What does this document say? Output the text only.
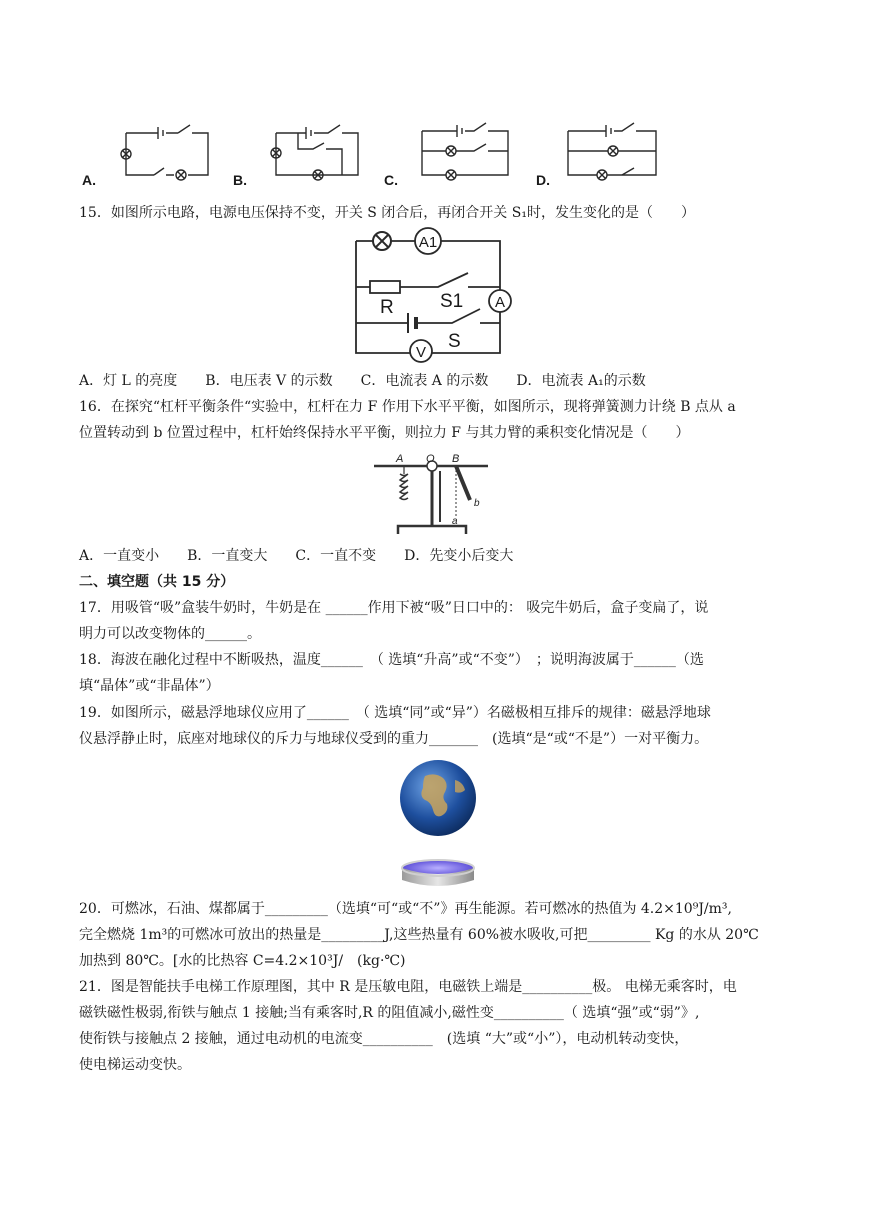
A.	B.	C.	D.
15．如图所示电路，电源电压保持不变，开关 S 闭合后，再闭合开关 S₁时，发生变化的是（　　）
A1
R S1 A
V
S
A．灯 L 的亮度　　B．电压表 V 的示数　　C．电流表 A 的示数　　D．电流表 A₁的示数
16．在探究“杠杆平衡条件“实验中，杠杆在力 F 作用下水平平衡，如图所示，现将弹簧测力计绕 B 点从 a
位置转动到 b 位置过程中，杠杆始终保持水平平衡，则拉力 F 与其力臂的乘积变化情况是（　　）
A O B
a
b
A．一直变小　　B．一直变大　　C．一直不变　　D．先变小后变大
二、填空题（共 15 分）
17．用吸管“吸”盒装牛奶时，牛奶是在 ______作用下被“吸”日口中的： 吸完牛奶后，盒子变扁了，说
明力可以改变物体的______。
18．海波在融化过程中不断吸热，温度______　（ 选填“升高”或“不变”）　；说明海波属于______（选
填“晶体”或“非晶体”）
19．如图所示，磁悬浮地球仪应用了______　（ 选填“同”或“异”）名磁极相互排斥的规律：磁悬浮地球
仪悬浮静止时，底座对地球仪的斥力与地球仪受到的重力_______　(选填“是“或“不是”）一对平衡力。
20．可燃冰，石油、煤都属于_________（选填“可“或“不”》再生能源。若可燃冰的热值为 4.2×10⁹J/m³,
完全燃烧 1m³的可燃冰可放出的热量是_________J,这些热量有 60%被水吸收,可把_________ Kg 的水从 20℃
加热到 80℃。[水的比热容 C=4.2×10³J/　(kg·℃)
21．图是智能扶手电梯工作原理图，其中 R 是压敏电阻，电磁铁上端是__________极。 电梯无乘客时，电
磁铁磁性极弱,衔铁与触点 1 接触;当有乘客时,R 的阻值减小,磁性变__________（ 选填“强”或“弱”》,
使衔铁与接触点 2 接触，通过电动机的电流变__________　(选填 “大”或“小”），电动机转动变快，
使电梯运动变快。
